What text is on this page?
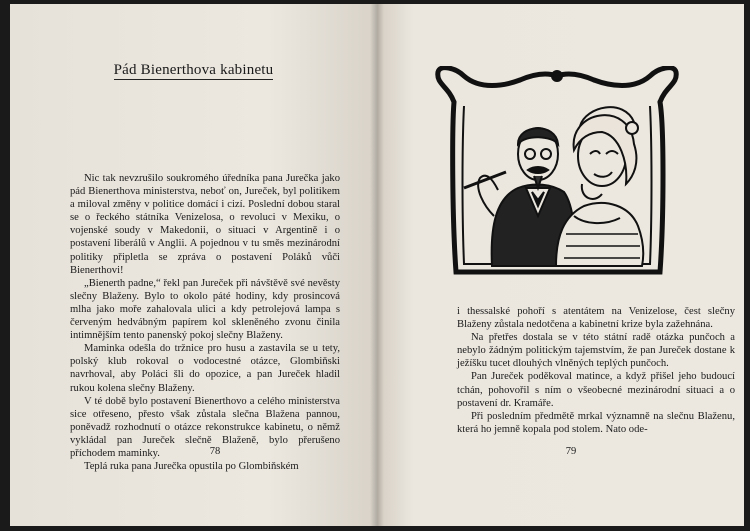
Pád Bienerthova kabinetu

Nic tak nevzrušilo soukromého úředníka pana Jurečka jako pád Bienerthova ministerstva, neboť on, Jureček, byl politikem a miloval změny v politice domácí i cizí. Poslední dobou staral se o řeckého státníka Venizelosa, o revoluci v Mexiku, o vojenské soudy v Makedonii, o situaci v Argentině i o postavení liberálů v Anglii. A pojednou v tu směs mezinárodní politiky připletla se zpráva o postavení Poláků vůči Bienerthovi!

„Bienerth padne,“ řekl pan Jureček při návštěvě své nevěsty slečny Blaženy. Bylo to okolo páté hodiny, kdy prosincová mlha jako moře zahalovala ulici a kdy petrolejová lampa s červeným hedvábným papírem kol skleněného zvonu činila intimnějším tento panenský pokoj slečny Blaženy.

Maminka odešla do tržnice pro husu a zastavila se u tety, polský klub rokoval o vodocestné otázce, Glombiňski navrhoval, aby Poláci šli do opozice, a pan Jureček hladil rukou kolena slečny Blaženy.

V té době bylo postavení Bienerthovo a celého ministerstva sice otřeseno, přesto však zůstala slečna Blažena pannou, poněvadž rozhodnutí o otázce rekonstrukce kabinetu, o němž vykládal pan Jureček slečně Blaženě, bylo přerušeno příchodem maminky.

Teplá ruka pana Jurečka opustila po Glombiňském

78

i thessalské pohoří s atentátem na Venizelose, čest slečny Blaženy zůstala nedotčena a kabinetní krize byla zažehnána.

Na přetřes dostala se v této státní radě otázka punčoch a nebylo žádným politickým tajemstvím, že pan Jureček dostane k ježíšku tucet dlouhých vlněných teplých punčoch.

Pan Jureček poděkoval matince, a když přišel jeho budoucí tchán, pohovořil s ním o všeobecné mezinárodní situaci a o postavení dr. Kramáře.

Při posledním předmětě mrkal významně na slečnu Blaženu, která ho jemně kopala pod stolem. Nato ode-

79
